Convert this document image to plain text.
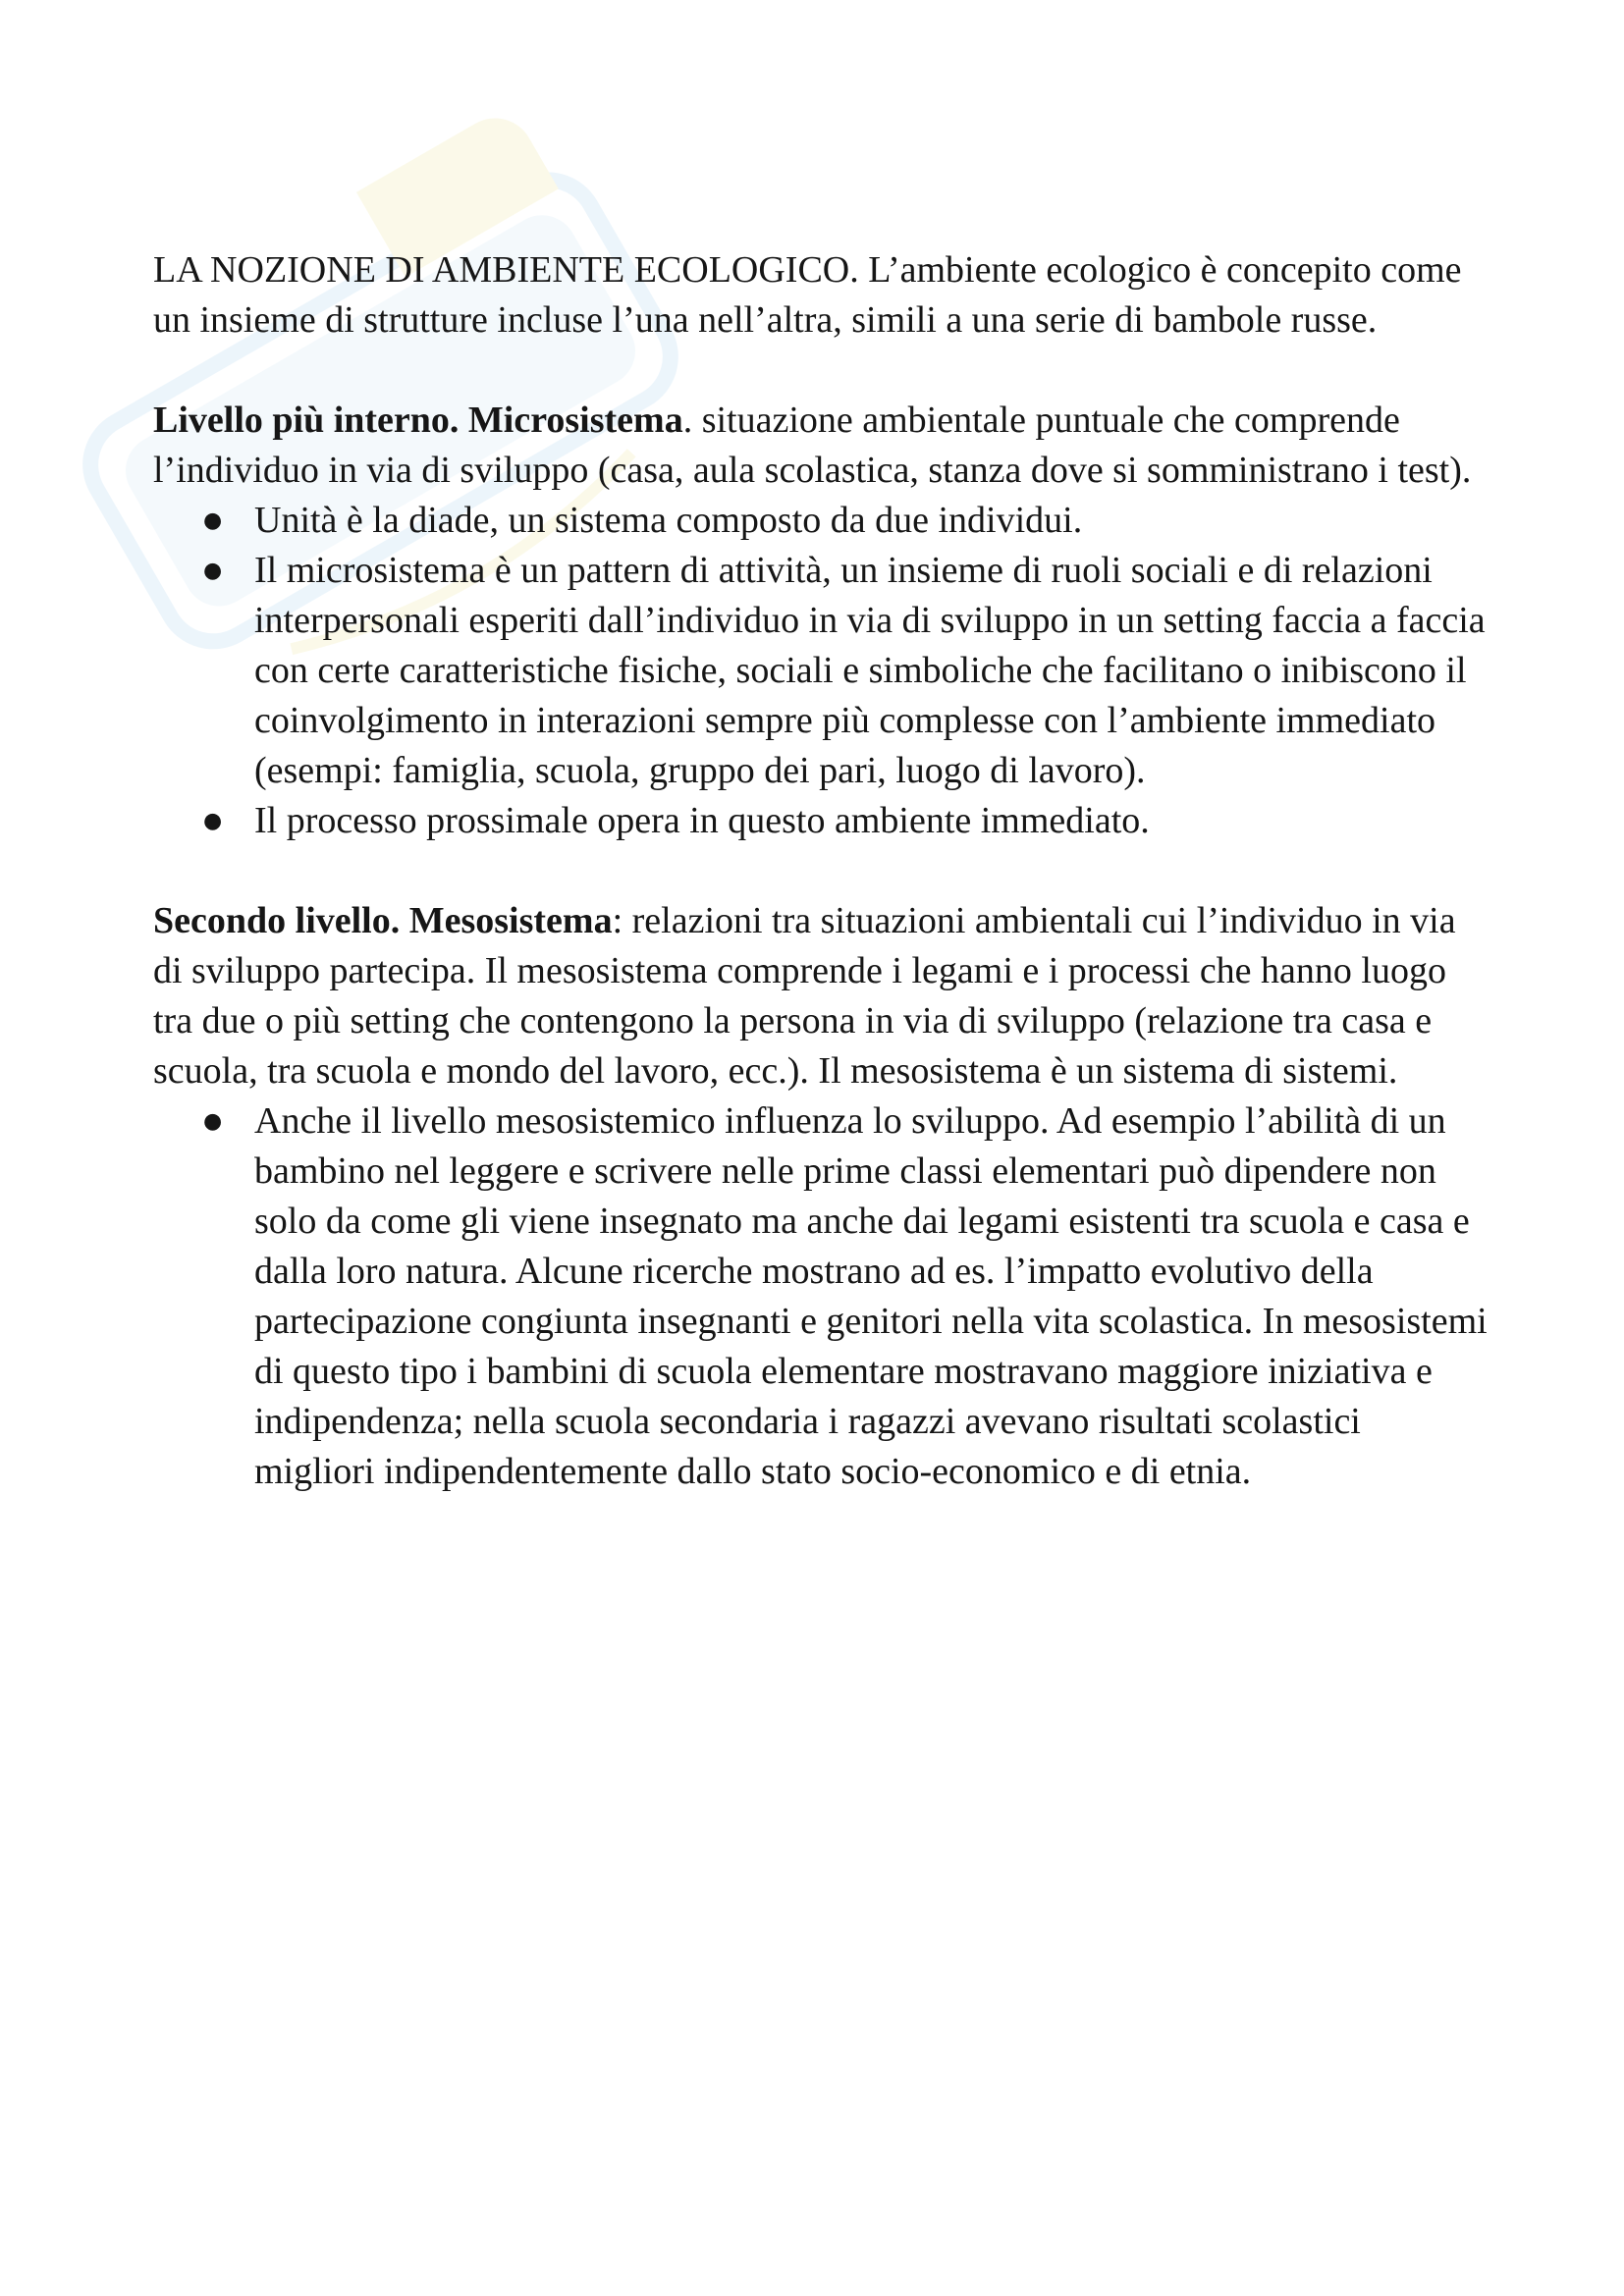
LA NOZIONE DI AMBIENTE ECOLOGICO. L’ambiente ecologico è concepito come un insieme di strutture incluse l’una nell’altra, simili a una serie di bambole russe.

Livello più interno. Microsistema. situazione ambientale puntuale che comprende l’individuo in via di sviluppo (casa, aula scolastica, stanza dove si somministrano i test).

● Unità è la diade, un sistema composto da due individui.
● Il microsistema è un pattern di attività, un insieme di ruoli sociali e di relazioni interpersonali esperiti dall’individuo in via di sviluppo in un setting faccia a faccia con certe caratteristiche fisiche, sociali e simboliche che facilitano o inibiscono il coinvolgimento in interazioni sempre più complesse con l’ambiente immediato (esempi: famiglia, scuola, gruppo dei pari, luogo di lavoro).
● Il processo prossimale opera in questo ambiente immediato.

Secondo livello. Mesosistema: relazioni tra situazioni ambientali cui l’individuo in via di sviluppo partecipa. Il mesosistema comprende i legami e i processi che hanno luogo tra due o più setting che contengono la persona in via di sviluppo (relazione tra casa e scuola, tra scuola e mondo del lavoro, ecc.). Il mesosistema è un sistema di sistemi.

● Anche il livello mesosistemico influenza lo sviluppo. Ad esempio l’abilità di un bambino nel leggere e scrivere nelle prime classi elementari può dipendere non solo da come gli viene insegnato ma anche dai legami esistenti tra scuola e casa e dalla loro natura. Alcune ricerche mostrano ad es. l’impatto evolutivo della partecipazione congiunta insegnanti e genitori nella vita scolastica. In mesosistemi di questo tipo i bambini di scuola elementare mostravano maggiore iniziativa e indipendenza; nella scuola secondaria i ragazzi avevano risultati scolastici migliori indipendentemente dallo stato socio-economico e di etnia.
